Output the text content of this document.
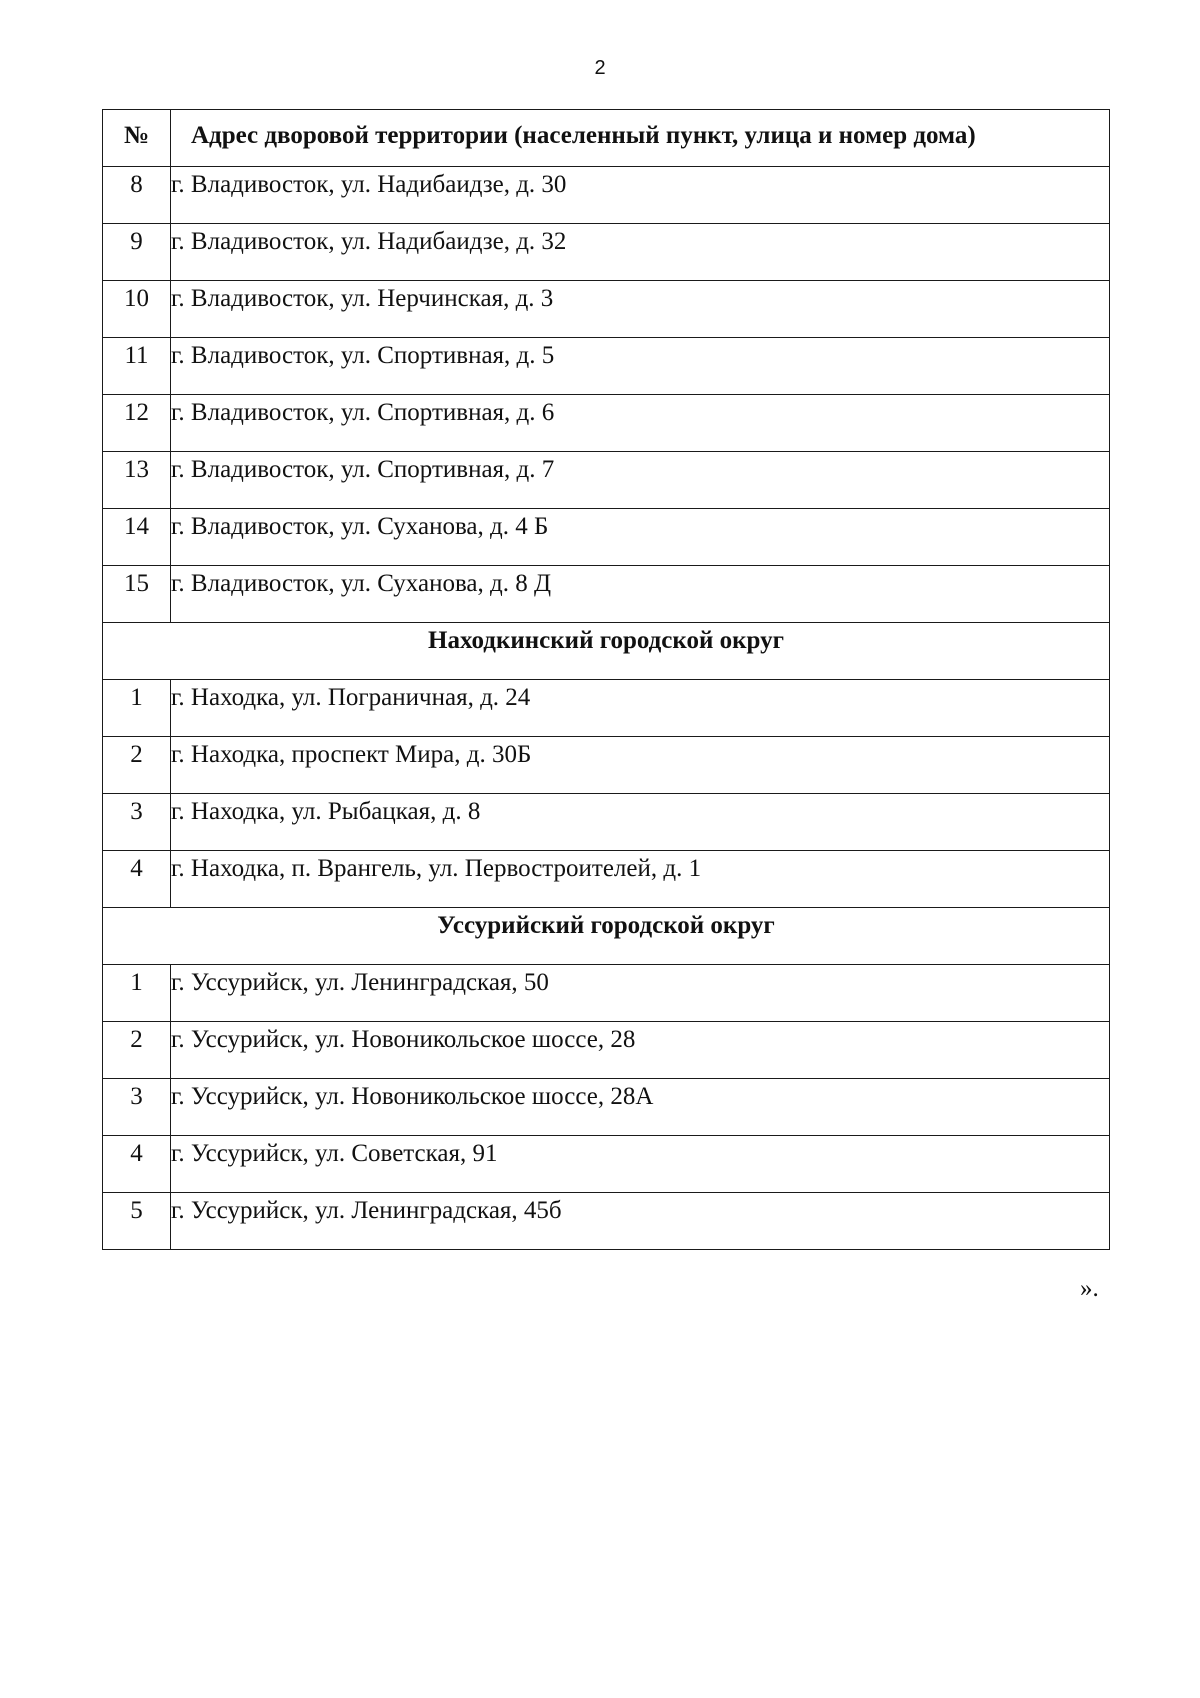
2
№	Адрес дворовой территории (населенный пункт, улица и номер дома)
8	г. Владивосток, ул. Надибаидзе, д. 30
9	г. Владивосток, ул. Надибаидзе, д. 32
10	г. Владивосток, ул. Нерчинская, д. 3
11	г. Владивосток, ул. Спортивная, д. 5
12	г. Владивосток, ул. Спортивная, д. 6
13	г. Владивосток, ул. Спортивная, д. 7
14	г. Владивосток, ул. Суханова, д. 4 Б
15	г. Владивосток, ул. Суханова, д. 8 Д
Находкинский городской округ	
1	г. Находка, ул. Пограничная, д. 24
2	г. Находка, проспект Мира, д. 30Б
3	г. Находка, ул. Рыбацкая, д. 8
4	г. Находка, п. Врангель, ул. Первостроителей, д. 1
Уссурийский городской округ	
1	г. Уссурийск, ул. Ленинградская, 50
2	г. Уссурийск, ул. Новоникольское шоссе, 28
3	г. Уссурийск, ул. Новоникольское шоссе, 28А
4	г. Уссурийск, ул. Советская, 91
5	г. Уссурийск, ул. Ленинградская, 45б
».
